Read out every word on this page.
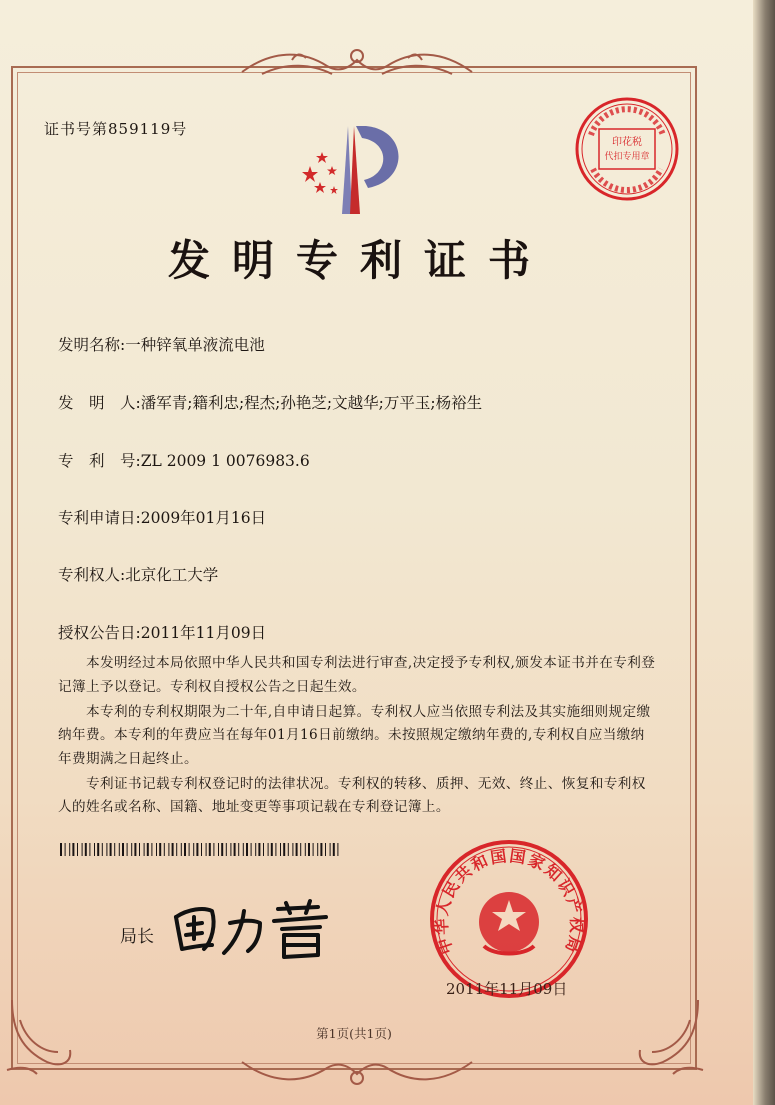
证书号第859119号
发明专利证书
印花税
代扣专用章
发明名称:一种锌氧单液流电池
发　明　人:潘军青;籍利忠;程杰;孙艳芝;文越华;万平玉;杨裕生
专　利　号:ZL 2009 1 0076983.6
专利申请日:2009年01月16日
专利权人:北京化工大学
授权公告日:2011年11月09日

本发明经过本局依照中华人民共和国专利法进行审查,决定授予专利权,颁发本证书并在专利登记簿上予以登记。专利权自授权公告之日起生效。

本专利的专利权期限为二十年,自申请日起算。专利权人应当依照专利法及其实施细则规定缴纳年费。本专利的年费应当在每年01月16日前缴纳。未按照规定缴纳年费的,专利权自应当缴纳年费期满之日起终止。

专利证书记载专利权登记时的法律状况。专利权的转移、质押、无效、终止、恢复和专利权人的姓名或名称、国籍、地址变更等事项记载在专利登记簿上。

局长	中华人民共和国国家知识产权局
2011年11月09日
第1页(共1页)
